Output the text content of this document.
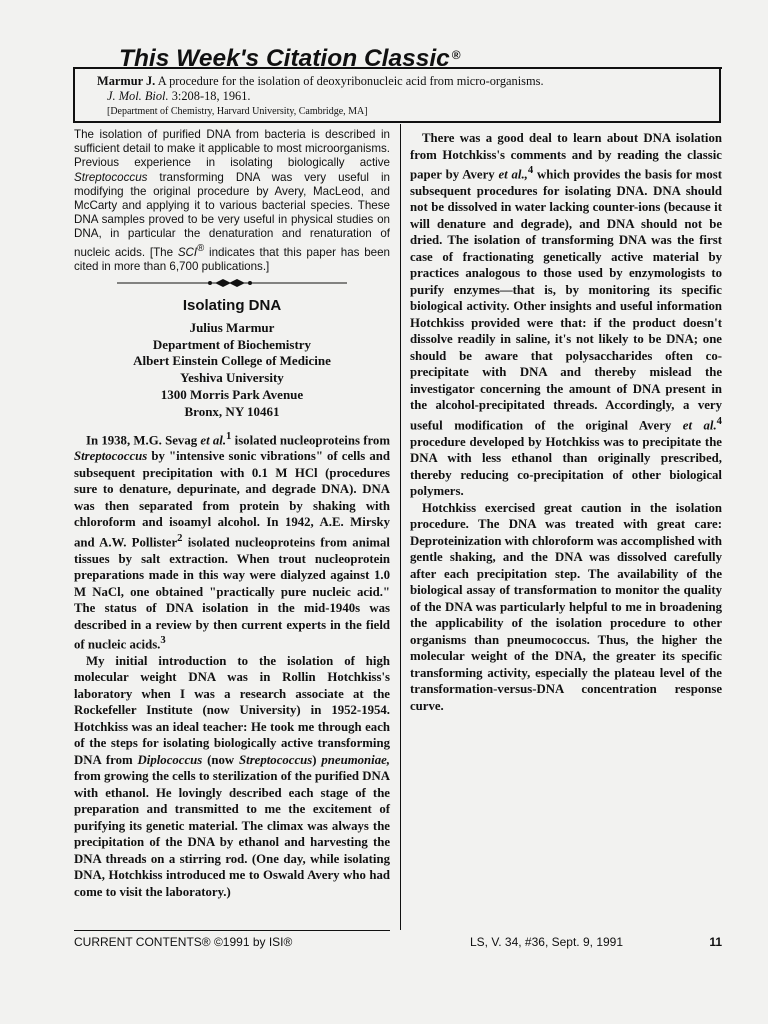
This Week's Citation Classic ®
Marmur J. A procedure for the isolation of deoxyribonucleic acid from micro-organisms.
J. Mol. Biol. 3:208-18, 1961.
[Department of Chemistry, Harvard University, Cambridge, MA]

The isolation of purified DNA from bacteria is described in sufficient detail to make it applicable to most microorganisms. Previous experience in isolating biologically active Streptococcus transforming DNA was very useful in modifying the original procedure by Avery, MacLeod, and McCarty and applying it to various bacterial species. These DNA samples proved to be very useful in physical studies on DNA, in particular the denaturation and renaturation of nucleic acids. [The SCI® indicates that this paper has been cited in more than 6,700 publications.]

Isolating DNA
Julius Marmur
Department of Biochemistry
Albert Einstein College of Medicine
Yeshiva University
1300 Morris Park Avenue
Bronx, NY 10461

In 1938, M.G. Sevag et al.$^1$ isolated nucleoproteins from Streptococcus by "intensive sonic vibrations" of cells and subsequent precipitation with 0.1 M HCl (procedures sure to denature, depurinate, and degrade DNA). DNA was then separated from protein by shaking with chloroform and isoamyl alcohol. In 1942, A.E. Mirsky and A.W. Pollister$^2$ isolated nucleoproteins from animal tissues by salt extraction. When trout nucleoprotein preparations made in this way were dialyzed against 1.0 M NaCl, one obtained "practically pure nucleic acid." The status of DNA isolation in the mid-1940s was described in a review by then current experts in the field of nucleic acids.$^3$

My initial introduction to the isolation of high molecular weight DNA was in Rollin Hotchkiss's laboratory when I was a research associate at the Rockefeller Institute (now University) in 1952-1954. Hotchkiss was an ideal teacher: He took me through each of the steps for isolating biologically active transforming DNA from Diplococcus (now Streptococcus) pneumoniae, from growing the cells to sterilization of the purified DNA with ethanol. He lovingly described each stage of the preparation and transmitted to me the excitement of purifying its genetic material. The climax was always the precipitation of the DNA by ethanol and harvesting the DNA threads on a stirring rod. (One day, while isolating DNA, Hotchkiss introduced me to Oswald Avery who had come to visit the laboratory.)

There was a good deal to learn about DNA isolation from Hotchkiss's comments and by reading the classic paper by Avery et al.,$^4$ which provides the basis for most subsequent procedures for isolating DNA. DNA should not be dissolved in water lacking counter-ions (because it will denature and degrade), and DNA should not be dried. The isolation of transforming DNA was the first case of fractionating genetically active material by practices analogous to those used by enzymologists to purify enzymes—that is, by monitoring its specific biological activity. Other insights and useful information Hotchkiss provided were that: if the product doesn't dissolve readily in saline, it's not likely to be DNA; one should be aware that polysaccharides often co-precipitate with DNA and thereby mislead the investigator concerning the amount of DNA present in the alcohol-precipitated threads. Accordingly, a very useful modification of the original Avery et al.$^4$ procedure developed by Hotchkiss was to precipitate the DNA with less ethanol than originally prescribed, thereby reducing co-precipitation of other biological polymers.

Hotchkiss exercised great caution in the isolation procedure. The DNA was treated with great care: Deproteinization with chloroform was accomplished with gentle shaking, and the DNA was dissolved carefully after each precipitation step. The availability of the biological assay of transformation to monitor the quality of the DNA was particularly helpful to me in broadening the applicability of the isolation procedure to other organisms than pneumococcus. Thus, the higher the molecular weight of the DNA, the greater its specific transforming activity, especially the plateau level of the transformation-versus-DNA concentration response curve.

CURRENT CONTENTS® ©1991 by ISI®	LS, V. 34, #36, Sept. 9, 1991	11
